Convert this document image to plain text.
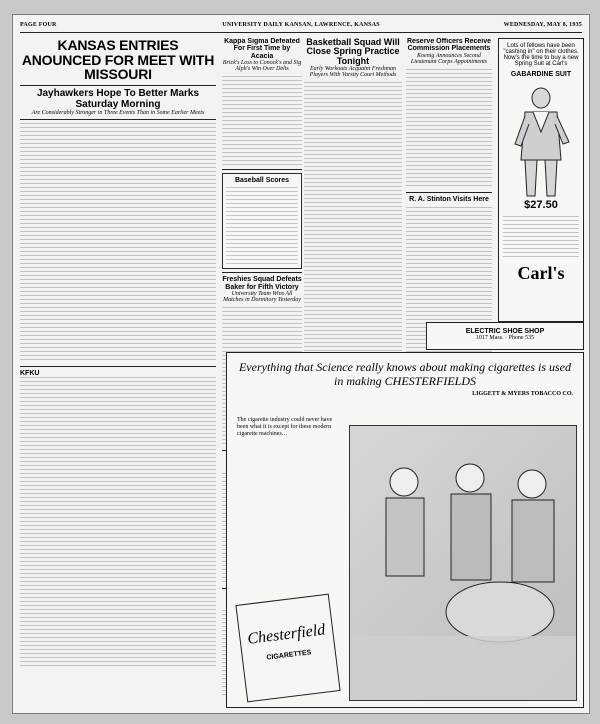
PAGE FOUR	UNIVERSITY DAILY KANSAN, LAWRENCE, KANSAS	WEDNESDAY, MAY 8, 1935
KANSAS ENTRIES ANOUNCED FOR MEET WITH MISSOURI
Jayhawkers Hope To Better Marks Saturday Morning
Are Considerably Stronger in Three Events Than in Some Earlier Meets
KFKU
Kappa Sigma Defeated For First Time by Acacia
Brick's Loss to Conock's and Sig Alph's Win Over Delts
Baseball Scores
Freshies Squad Defeats Baker for Fifth Victory
University Team Wins All Matches in Dormitory Yesterday
Basketball Squad Will Close Spring Practice Tonight
Early Workouts Acquaint Freshman Players With Varsity Court Methods
Reserve Officers Receive Commission Placements
Koenig Announces Second Lieutenant Corps Appointments
R. A. Stinton Visits Here
Lots of fellows have been "cashing in" on their clothes. Now's the time to buy a new Spring Suit at Carl's
GABARDINE SUIT
$27.50
Carl's
ELECTRIC SHOE SHOP
1017 Mass. · Phone 535
Everything that Science really knows about making cigarettes is used in making CHESTERFIELDS
LIGGETT & MYERS TOBACCO CO.
The cigarette industry could never have been what it is except for these modern cigarette machines…
Chesterfield
CIGARETTES
